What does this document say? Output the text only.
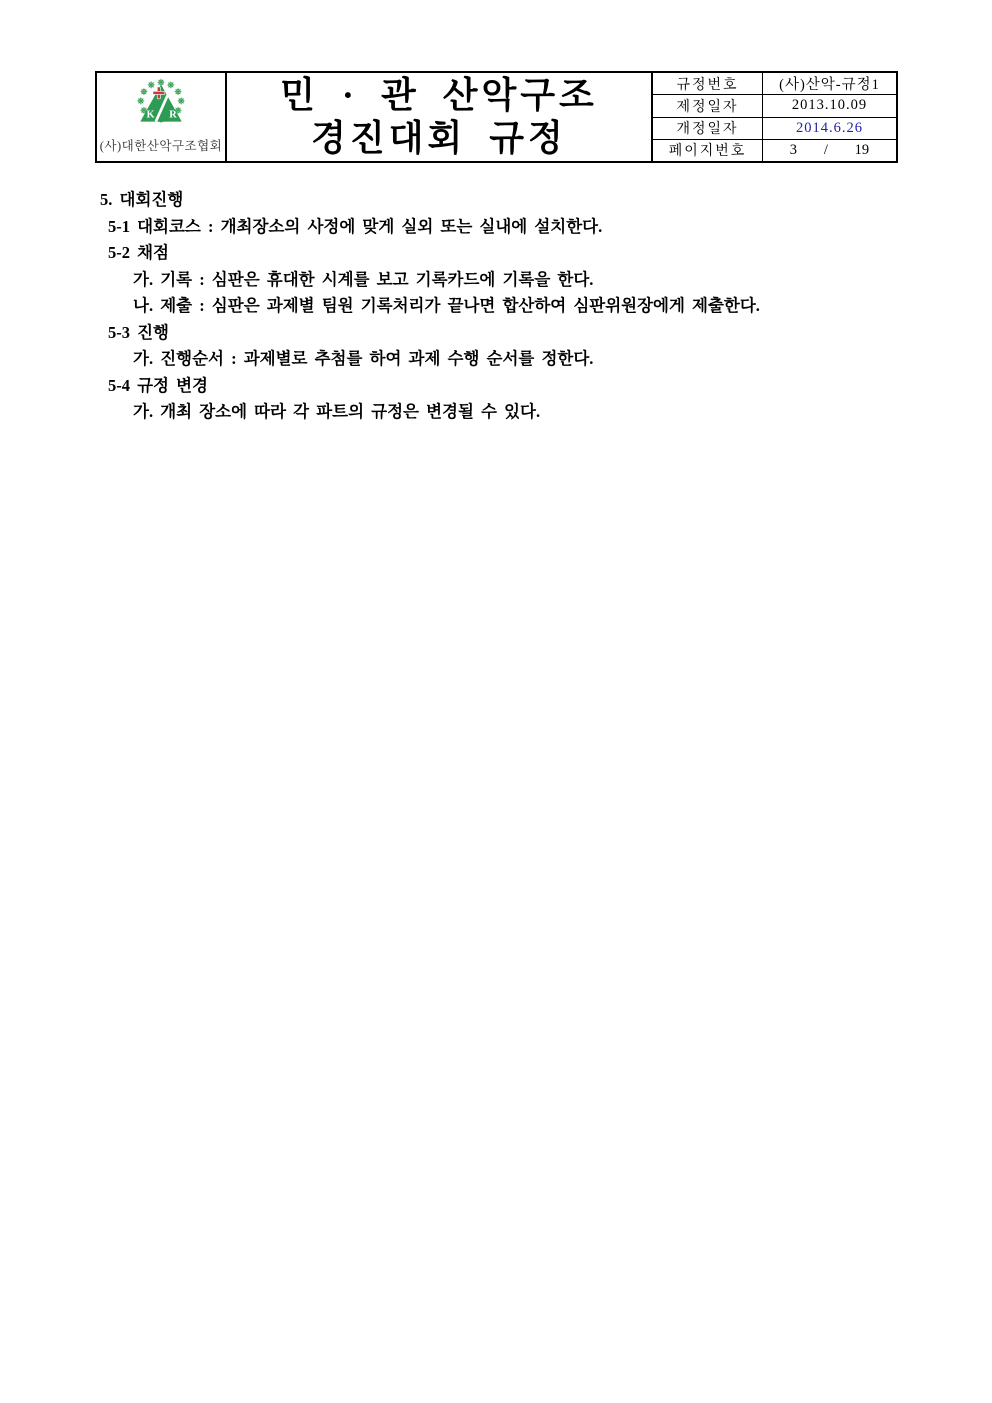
K R
(사)대한산악구조협회
민 · 관 산악구조
경진대회 규정
규정번호	(사)산악-규정1
제정일자	2013.10.09
개정일자	2014.6.26
페이지번호	3 / 19
5. 대회진행
5-1 대회코스 : 개최장소의 사정에 맞게 실외 또는 실내에 설치한다.
5-2 채점
가. 기록 : 심판은 휴대한 시계를 보고 기록카드에 기록을 한다.
나. 제출 : 심판은 과제별 팀원 기록처리가 끝나면 합산하여 심판위원장에게 제출한다.
5-3 진행
가. 진행순서 : 과제별로 추첨를 하여 과제 수행 순서를 정한다.
5-4 규정 변경
가. 개최 장소에 따라 각 파트의 규정은 변경될 수 있다.
